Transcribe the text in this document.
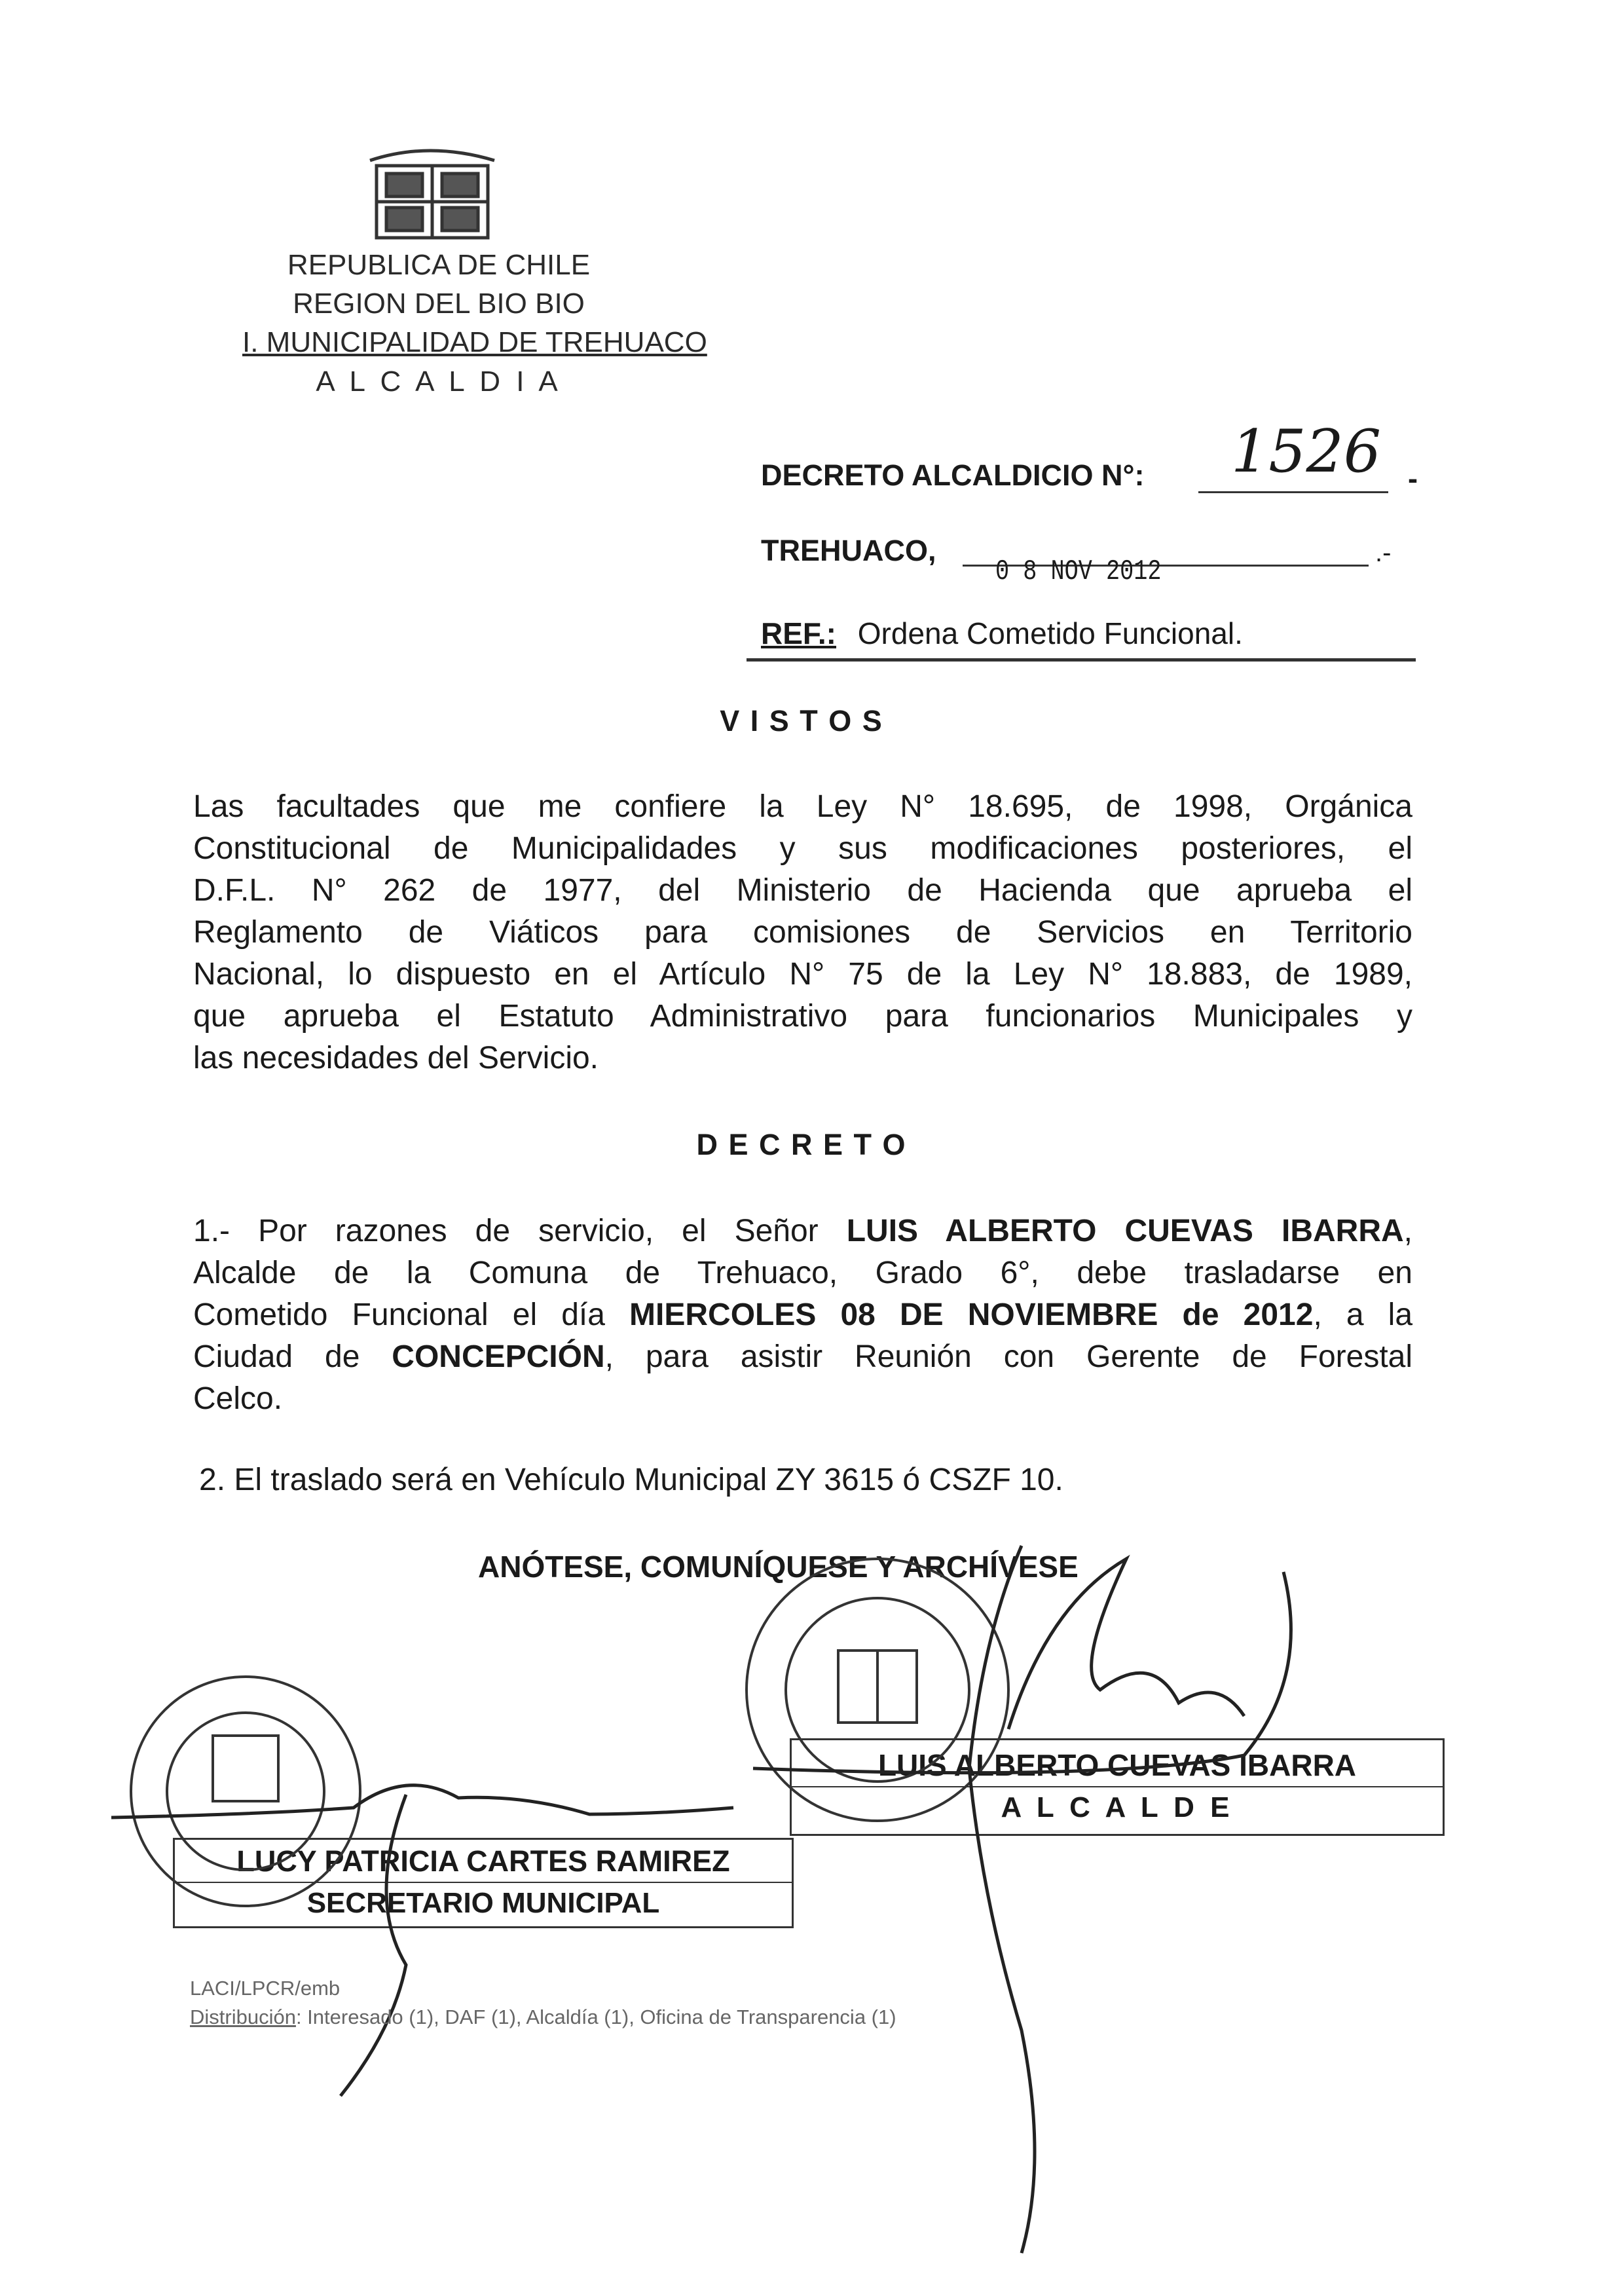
REPUBLICA DE CHILE
REGION DEL BIO BIO
I. MUNICIPALIDAD DE TREHUACO
A L C A L D I A
DECRETO ALCALDICIO N°: 1526 -
TREHUACO,
0 8 NOV 2012
.-
REF.: Ordena Cometido Funcional.
V I S T O S
Las facultades que me confiere la Ley N° 18.695, de 1998, Orgánica
Constitucional de Municipalidades y sus modificaciones posteriores, el
D.F.L. N° 262 de 1977, del Ministerio de Hacienda que aprueba el
Reglamento de Viáticos para comisiones de Servicios en Territorio
Nacional, lo dispuesto en el Artículo N° 75 de la Ley N° 18.883, de 1989,
que aprueba el Estatuto Administrativo para funcionarios Municipales y
las necesidades del Servicio.
D E C R E T O
1.- Por razones de servicio, el Señor LUIS ALBERTO CUEVAS IBARRA,
Alcalde de la Comuna de Trehuaco, Grado 6°, debe trasladarse en
Cometido Funcional el día MIERCOLES 08 DE NOVIEMBRE de 2012, a la
Ciudad de CONCEPCIÓN, para asistir Reunión con Gerente de Forestal
Celco.
2. El traslado será en Vehículo Municipal ZY 3615 ó CSZF 10.
ANÓTESE, COMUNÍQUESE Y ARCHÍVESE
LUIS ALBERTO CUEVAS IBARRA
A L C A L D E
LUCY PATRICIA CARTES RAMIREZ
SECRETARIO MUNICIPAL
LACI/LPCR/emb
Distribución: Interesado (1), DAF (1), Alcaldía (1), Oficina de Transparencia (1)
